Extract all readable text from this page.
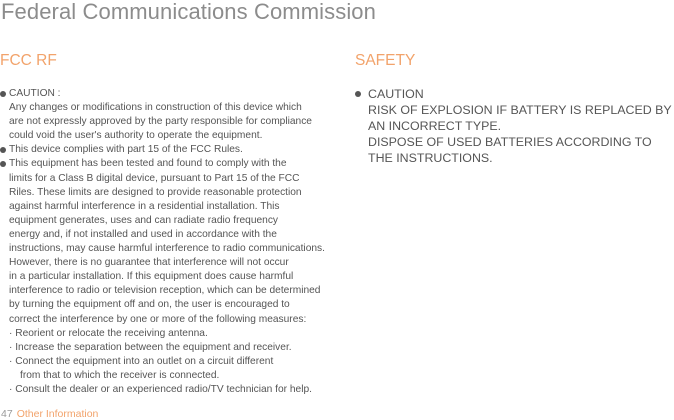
Federal Communications Commission
FCC RF	SAFETY
CAUTION :
Any changes or modifications in construction of this device which
are not expressly approved by the party responsible for compliance
could void the user's authority to operate the equipment.
This device complies with part 15 of the FCC Rules.
This equipment has been tested and found to comply with the
limits for a Class B digital device, pursuant to Part 15 of the FCC
Riles. These limits are designed to provide reasonable protection
against harmful interference in a residential installation. This
equipment generates, uses and can radiate radio frequency
energy and, if not installed and used in accordance with the
instructions, may cause harmful interference to radio communications.
However, there is no guarantee that interference will not occur
in a particular installation. If this equipment does cause harmful
interference to radio or television reception, which can be determined
by turning the equipment off and on, the user is encouraged to
correct the interference by one or more of the following measures:
· Reorient or relocate the receiving antenna.
· Increase the separation between the equipment and receiver.
· Connect the equipment into an outlet on a circuit different
from that to which the receiver is connected.
· Consult the dealer or an experienced radio/TV technician for help.
CAUTION
RISK OF EXPLOSION IF BATTERY IS REPLACED BY
AN INCORRECT TYPE.
DISPOSE OF USED BATTERIES ACCORDING TO
THE INSTRUCTIONS.
47 Other Information
